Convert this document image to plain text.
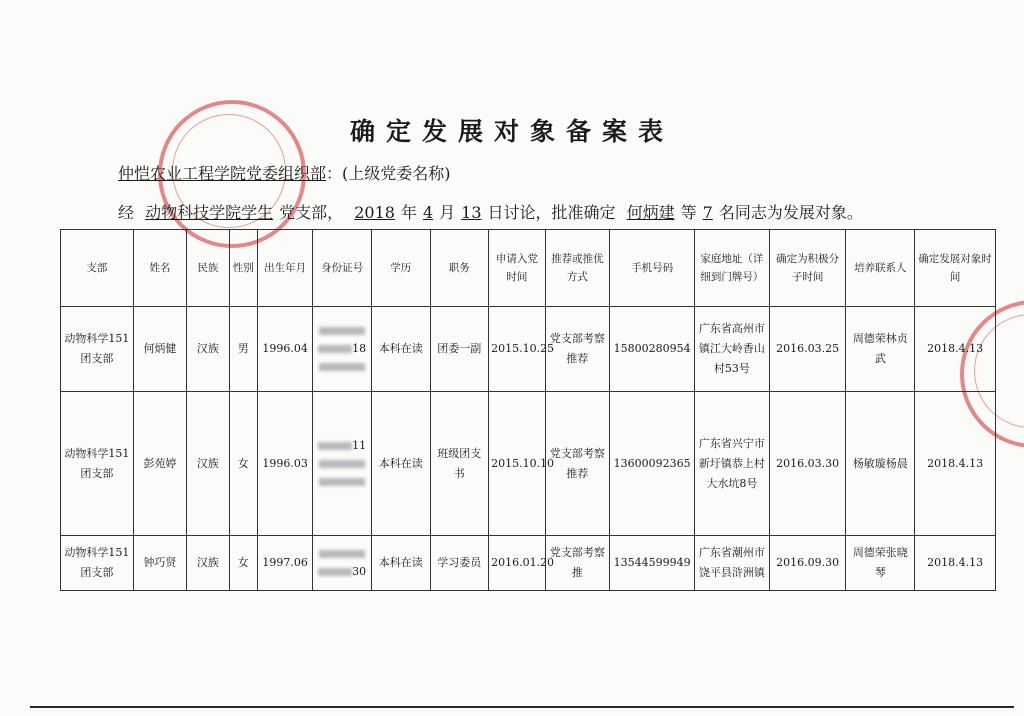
确定发展对象备案表
仲恺农业工程学院党委组织部：(上级党委名称)
经 动物科技学院学生 党支部， 2018 年 4 月 13 日讨论，批准确定 何炳建 等 7 名同志为发展对象。
支部	姓名	民族	性别	出生年月	身份证号	学历	职务	申请入党时间	推荐或推优方式	手机号码	家庭地址（详细到门牌号）	确定为积极分子时间	培养联系人	确定发展对象时间
动物科学151团支部	何炳健	汉族	男	1996.04	18	本科在读	团委一副	2015.10.25	党支部考察推荐	15800280954	广东省高州市镇江大岭香山村53号	2016.03.25	周德荣林贞武	2018.4.13
动物科学151团支部	彭苑婷	汉族	女	1996.03	11	本科在读	班级团支书	2015.10.10	党支部考察推荐	13600092365	广东省兴宁市新圩镇恭上村大水坑8号	2016.03.30	杨敏璇杨晨	2018.4.13
动物科学151团支部	钟巧贤	汉族	女	1997.06	30	本科在读	学习委员	2016.01.20	党支部考察推	13544599949	广东省潮州市饶平县浒洲镇	2016.09.30	周德荣张晓琴	2018.4.13
